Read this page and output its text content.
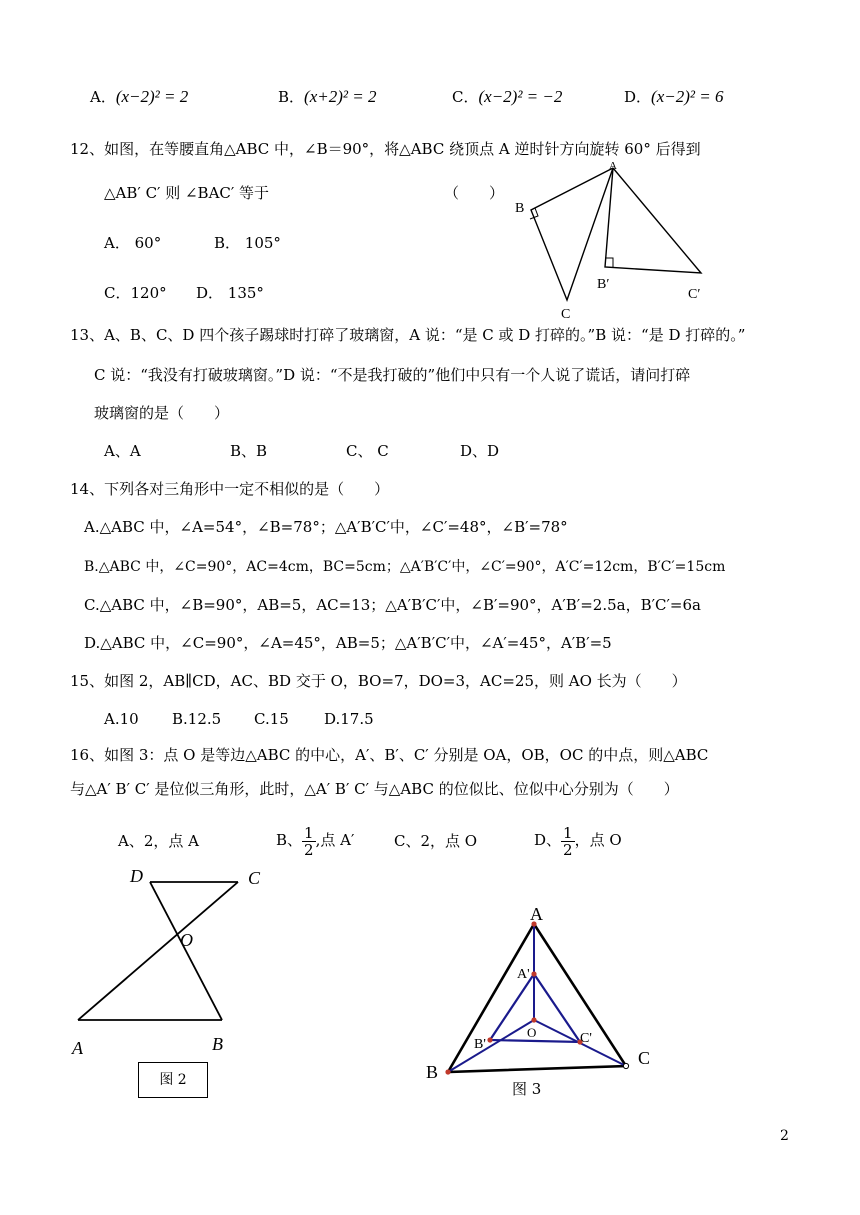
A．(x−2)² = 2	B．(x+2)² = 2	C．(x−2)² = −2	D．(x−2)² = 6
12、如图，在等腰直角△ABC 中，∠B＝90°，将△ABC 绕顶点 A 逆时针方向旋转 60° 后得到
△AB′ C′ 则 ∠BAC′ 等于	（　　）
A． 60°	B． 105°
C．120° D． 135°
A
B
C
B′
C′
13、A、B、C、D 四个孩子踢球时打碎了玻璃窗，A 说：“是 C 或 D 打碎的。”B 说：“是 D 打碎的。”
C 说：“我没有打破玻璃窗。”D 说：“不是我打破的”他们中只有一个人说了谎话，请问打碎
玻璃窗的是（　　）
A、A	B、B	C、 C	D、D
14、下列各对三角形中一定不相似的是（　　）
A.△ABC 中，∠A=54°，∠B=78°；△A′B′C′中，∠C′=48°，∠B′=78°
B.△ABC 中，∠C=90°，AC=4cm，BC=5cm；△A′B′C′中，∠C′=90°，A′C′=12cm，B′C′=15cm
C.△ABC 中，∠B=90°，AB=5，AC=13；△A′B′C′中，∠B′=90°，A′B′=2.5a，B′C′=6a
D.△ABC 中，∠C=90°，∠A=45°，AB=5；△A′B′C′中，∠A′=45°，A′B′=5
15、如图 2，AB∥CD，AC、BD 交于 O，BO=7，DO=3，AC=25，则 AO 长为（　　）
A.10 B.12.5 C.15 D.17.5
16、如图 3：点 O 是等边△ABC 的中心，A′、B′、C′ 分别是 OA，OB，OC 的中点，则△ABC
与△A′ B′ C′ 是位似三角形，此时，△A′ B′ C′ 与△ABC 的位似比、位似中心分别为（　　）
A、2，点 A	B、 $\frac{1}{2}$ ,点 A′	C、2，点 O	D、 $\frac{1}{2}$ ，点 O
D	C
O
A	B
图 2
A
A'
O
B'	C'
B
C
图 3
2
